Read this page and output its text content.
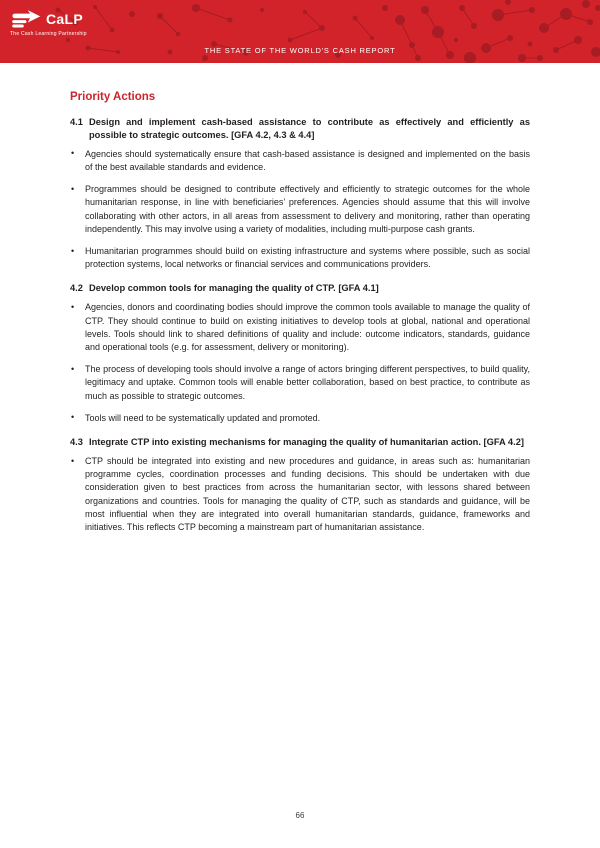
CaLP
The Cash Learning Partnership
THE STATE OF THE WORLD'S CASH REPORT
Priority Actions
4.1 Design and implement cash-based assistance to contribute as effectively and efficiently as possible to strategic outcomes. [GFA 4.2, 4.3 & 4.4]
• Agencies should systematically ensure that cash-based assistance is designed and implemented on the basis of the best available standards and evidence.
• Programmes should be designed to contribute effectively and efficiently to strategic outcomes for the whole humanitarian response, in line with beneficiaries’ preferences. Agencies should assume that this will involve collaborating with other actors, in all areas from assessment to delivery and monitoring, rather than operating independently. This may involve using a variety of modalities, including multi-purpose cash grants.
• Humanitarian programmes should build on existing infrastructure and systems where possible, such as social protection systems, local networks or financial services and communications providers.
4.2 Develop common tools for managing the quality of CTP. [GFA 4.1]
• Agencies, donors and coordinating bodies should improve the common tools available to manage the quality of CTP. They should continue to build on existing initiatives to develop tools at global, national and operational levels. Tools should link to shared definitions of quality and include: outcome indicators, standards, guidance and operational tools (e.g. for assessment, delivery or monitoring).
• The process of developing tools should involve a range of actors bringing different perspectives, to build quality, legitimacy and uptake. Common tools will enable better collaboration, based on best practice, to contribute as much as possible to strategic outcomes.
• Tools will need to be systematically updated and promoted.
4.3 Integrate CTP into existing mechanisms for managing the quality of humanitarian action. [GFA 4.2]
• CTP should be integrated into existing and new procedures and guidance, in areas such as: humanitarian programme cycles, coordination processes and funding decisions. This should be undertaken with due consideration given to best practices from across the humanitarian sector, with lessons shared between organizations and countries. Tools for managing the quality of CTP, such as standards and guidance, will be most influential when they are integrated into overall humanitarian standards, guidance, frameworks and initiatives. This reflects CTP becoming a mainstream part of humanitarian assistance.
66
